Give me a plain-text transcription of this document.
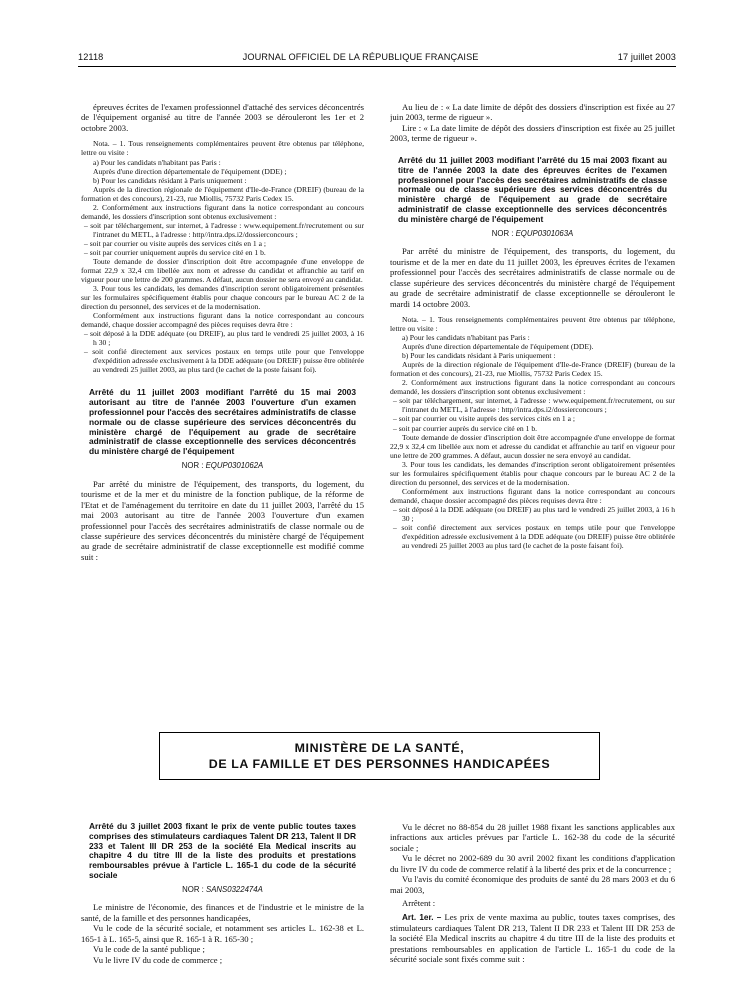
12118	JOURNAL OFFICIEL DE LA RÉPUBLIQUE FRANÇAISE	17 juillet 2003

épreuves écrites de l'examen professionnel d'attaché des services déconcentrés de l'équipement organisé au titre de l'année 2003 se dérouleront les 1er et 2 octobre 2003.

Nota. – 1. Tous renseignements complémentaires peuvent être obtenus par téléphone, lettre ou visite :

a) Pour les candidats n'habitant pas Paris :

Auprès d'une direction départementale de l'équipement (DDE) ;

b) Pour les candidats résidant à Paris uniquement :

Auprès de la direction régionale de l'équipement d'Ile-de-France (DREIF) (bureau de la formation et des concours), 21-23, rue Miollis, 75732 Paris Cedex 15.

2. Conformément aux instructions figurant dans la notice correspondant au concours demandé, les dossiers d'inscription sont obtenus exclusivement :

– soit par téléchargement, sur internet, à l'adresse : www.equipement.fr/recrutement ou sur l'intranet du METL, à l'adresse : http//intra.dps.i2/dossierconcours ;

– soit par courrier ou visite auprès des services cités en 1 a ;

– soit par courrier uniquement auprès du service cité en 1 b.

Toute demande de dossier d'inscription doit être accompagnée d'une enveloppe de format 22,9 x 32,4 cm libellée aux nom et adresse du candidat et affranchie au tarif en vigueur pour une lettre de 200 grammes. A défaut, aucun dossier ne sera envoyé au candidat.

3. Pour tous les candidats, les demandes d'inscription seront obligatoirement présentées sur les formulaires spécifiquement établis pour chaque concours par le bureau AC 2 de la direction du personnel, des services et de la modernisation.

Conformément aux instructions figurant dans la notice correspondant au concours demandé, chaque dossier accompagné des pièces requises devra être :

– soit déposé à la DDE adéquate (ou DREIF), au plus tard le vendredi 25 juillet 2003, à 16 h 30 ;

– soit confié directement aux services postaux en temps utile pour que l'enveloppe d'expédition adressée exclusivement à la DDE adéquate (ou DREIF) puisse être oblitérée au vendredi 25 juillet 2003, au plus tard (le cachet de la poste faisant foi).

Arrêté du 11 juillet 2003 modifiant l'arrêté du 15 mai 2003 autorisant au titre de l'année 2003 l'ouverture d'un examen professionnel pour l'accès des secrétaires administratifs de classe normale ou de classe supérieure des services déconcentrés du ministère chargé de l'équipement au grade de secrétaire administratif de classe exceptionnelle des services déconcentrés du ministère chargé de l'équipement

NOR : EQUP0301062A

Par arrêté du ministre de l'équipement, des transports, du logement, du tourisme et de la mer et du ministre de la fonction publique, de la réforme de l'Etat et de l'aménagement du territoire en date du 11 juillet 2003, l'arrêté du 15 mai 2003 autorisant au titre de l'année 2003 l'ouverture d'un examen professionnel pour l'accès des secrétaires administratifs de classe normale ou de classe supérieure des services déconcentrés du ministère chargé de l'équipement au grade de secrétaire administratif de classe exceptionnelle est modifié comme suit :

Au lieu de : « La date limite de dépôt des dossiers d'inscription est fixée au 27 juin 2003, terme de rigueur ».

Lire : « La date limite de dépôt des dossiers d'inscription est fixée au 25 juillet 2003, terme de rigueur ».

Arrêté du 11 juillet 2003 modifiant l'arrêté du 15 mai 2003 fixant au titre de l'année 2003 la date des épreuves écrites de l'examen professionnel pour l'accès des secrétaires administratifs de classe normale ou de classe supérieure des services déconcentrés du ministère chargé de l'équipement au grade de secrétaire administratif de classe exceptionnelle des services déconcentrés du ministère chargé de l'équipement

NOR : EQUP0301063A

Par arrêté du ministre de l'équipement, des transports, du logement, du tourisme et de la mer en date du 11 juillet 2003, les épreuves écrites de l'examen professionnel pour l'accès des secrétaires administratifs de classe normale ou de classe supérieure des services déconcentrés du ministère chargé de l'équipement au grade de secrétaire administratif de classe exceptionnelle se dérouleront le mardi 14 octobre 2003.

Nota. – 1. Tous renseignements complémentaires peuvent être obtenus par téléphone, lettre ou visite :

a) Pour les candidats n'habitant pas Paris :

Auprès d'une direction départementale de l'équipement (DDE).

b) Pour les candidats résidant à Paris uniquement :

Auprès de la direction régionale de l'équipement d'Ile-de-France (DREIF) (bureau de la formation et des concours), 21-23, rue Miollis, 75732 Paris Cedex 15.

2. Conformément aux instructions figurant dans la notice correspondant au concours demandé, les dossiers d'inscription sont obtenus exclusivement :

– soit par téléchargement, sur internet, à l'adresse : www.equipement.fr/recrutement, ou sur l'intranet du METL, à l'adresse : http//intra.dps.i2/dossierconcours ;

– soit par courrier ou visite auprès des services cités en 1 a ;

– soit par courrier auprès du service cité en 1 b.

Toute demande de dossier d'inscription doit être accompagnée d'une enveloppe de format 22,9 x 32,4 cm libellée aux nom et adresse du candidat et affranchie au tarif en vigueur pour une lettre de 200 grammes. A défaut, aucun dossier ne sera envoyé au candidat.

3. Pour tous les candidats, les demandes d'inscription seront obligatoirement présentées sur les formulaires spécifiquement établis pour chaque concours par le bureau AC 2 de la direction du personnel, des services et de la modernisation.

Conformément aux instructions figurant dans la notice correspondant au concours demandé, chaque dossier accompagné des pièces requises devra être :

– soit déposé à la DDE adéquate (ou DREIF) au plus tard le vendredi 25 juillet 2003, à 16 h 30 ;

– soit confié directement aux services postaux en temps utile pour que l'enveloppe d'expédition adressée exclusivement à la DDE adéquate (ou DREIF) puisse être oblitérée au vendredi 25 juillet 2003 au plus tard (le cachet de la poste faisant foi).

MINISTÈRE DE LA SANTÉ,
DE LA FAMILLE ET DES PERSONNES HANDICAPÉES

Arrêté du 3 juillet 2003 fixant le prix de vente public toutes taxes comprises des stimulateurs cardiaques Talent DR 213, Talent II DR 233 et Talent III DR 253 de la société Ela Medical inscrits au chapitre 4 du titre III de la liste des produits et prestations remboursables prévue à l'article L. 165-1 du code de la sécurité sociale

NOR : SANS0322474A

Le ministre de l'économie, des finances et de l'industrie et le ministre de la santé, de la famille et des personnes handicapées,

Vu le code de la sécurité sociale, et notamment ses articles L. 162-38 et L. 165-1 à L. 165-5, ainsi que R. 165-1 à R. 165-30 ;

Vu le code de la santé publique ;

Vu le livre IV du code de commerce ;

Vu le décret no 88-854 du 28 juillet 1988 fixant les sanctions applicables aux infractions aux articles prévues par l'article L. 162-38 du code de la sécurité sociale ;

Vu le décret no 2002-689 du 30 avril 2002 fixant les conditions d'application du livre IV du code de commerce relatif à la liberté des prix et de la concurrence ;

Vu l'avis du comité économique des produits de santé du 28 mars 2003 et du 6 mai 2003,

Arrêtent :

Art. 1er. – Les prix de vente maxima au public, toutes taxes comprises, des stimulateurs cardiaques Talent DR 213, Talent II DR 233 et Talent III DR 253 de la société Ela Medical inscrits au chapitre 4 du titre III de la liste des produits et prestations remboursables en application de l'article L. 165-1 du code de la sécurité sociale sont fixés comme suit :
